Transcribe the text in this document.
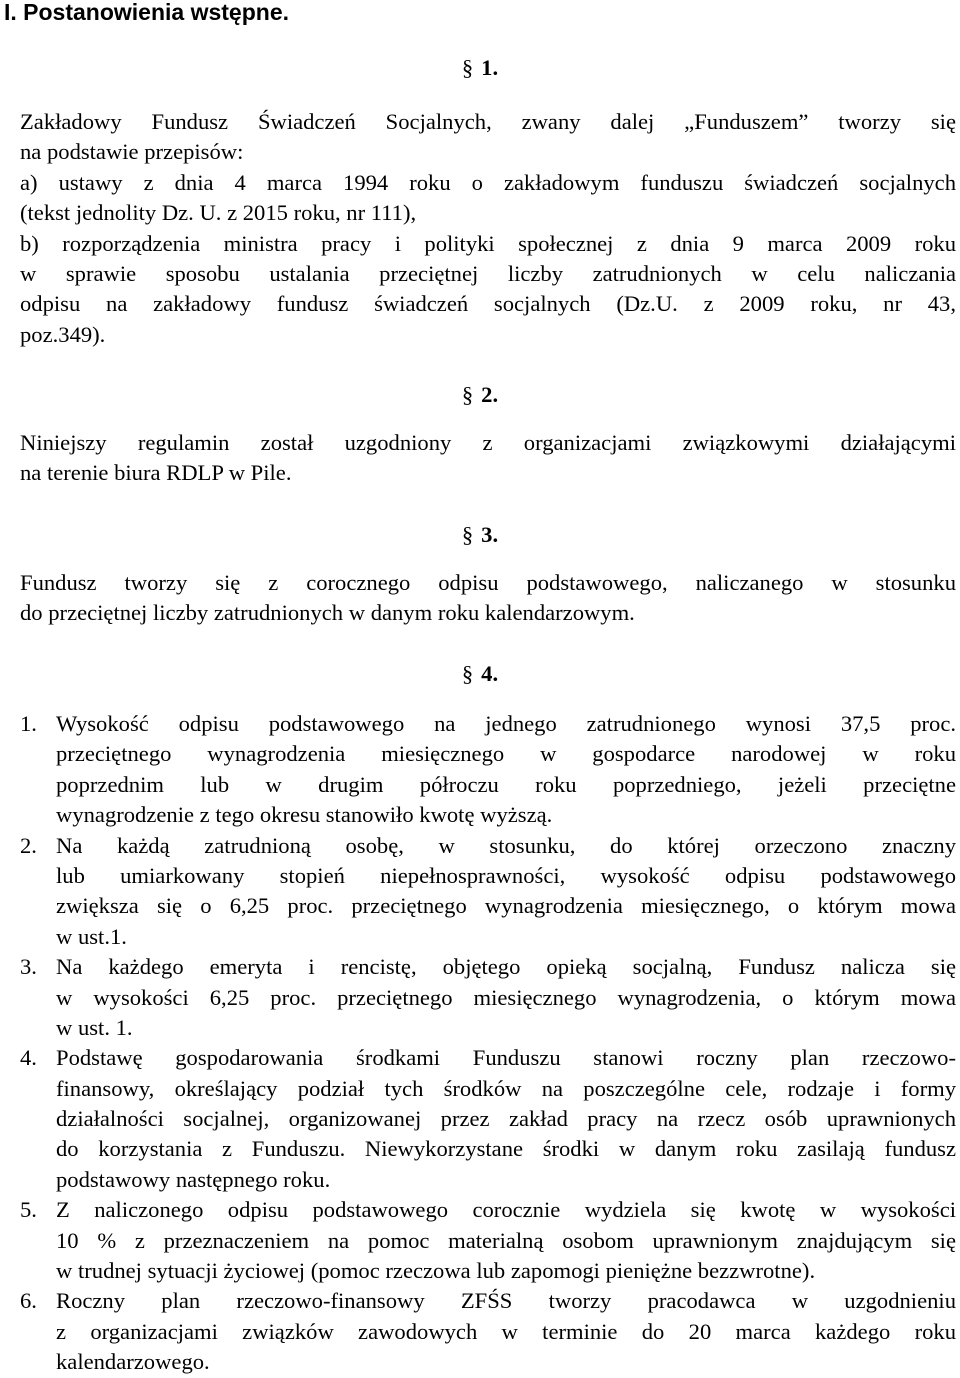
I. Postanowienia wstępne.
§ 1.
Zakładowy Fundusz Świadczeń Socjalnych, zwany dalej „Funduszem” tworzy się
na podstawie przepisów:
a) ustawy z dnia 4 marca 1994 roku o zakładowym funduszu świadczeń socjalnych
(tekst jednolity Dz. U. z 2015 roku, nr 111),
b) rozporządzenia ministra pracy i polityki społecznej z dnia 9 marca 2009 roku
w sprawie sposobu ustalania przeciętnej liczby zatrudnionych w celu naliczania
odpisu na zakładowy fundusz świadczeń socjalnych (Dz.U. z 2009 roku, nr 43,
poz.349).
§ 2.
Niniejszy regulamin został uzgodniony z organizacjami związkowymi działającymi
na terenie biura RDLP w Pile.
§ 3.
Fundusz tworzy się z corocznego odpisu podstawowego, naliczanego w stosunku
do przeciętnej liczby zatrudnionych w danym roku kalendarzowym.
§ 4.
1. Wysokość odpisu podstawowego na jednego zatrudnionego wynosi 37,5 proc.
przeciętnego wynagrodzenia miesięcznego w gospodarce narodowej w roku
poprzednim lub w drugim półroczu roku poprzedniego, jeżeli przeciętne
wynagrodzenie z tego okresu stanowiło kwotę wyższą.
2. Na każdą zatrudnioną osobę, w stosunku, do której orzeczono znaczny
lub umiarkowany stopień niepełnosprawności, wysokość odpisu podstawowego
zwiększa się o 6,25 proc. przeciętnego wynagrodzenia miesięcznego, o którym mowa
w ust.1.
3. Na każdego emeryta i rencistę, objętego opieką socjalną, Fundusz nalicza się
w wysokości 6,25 proc. przeciętnego miesięcznego wynagrodzenia, o którym mowa
w ust. 1.
4. Podstawę gospodarowania środkami Funduszu stanowi roczny plan rzeczowo-
finansowy, określający podział tych środków na poszczególne cele, rodzaje i formy
działalności socjalnej, organizowanej przez zakład pracy na rzecz osób uprawnionych
do korzystania z Funduszu. Niewykorzystane środki w danym roku zasilają fundusz
podstawowy następnego roku.
5. Z naliczonego odpisu podstawowego corocznie wydziela się kwotę w wysokości
10 % z przeznaczeniem na pomoc materialną osobom uprawnionym znajdującym się
w trudnej sytuacji życiowej (pomoc rzeczowa lub zapomogi pieniężne bezzwrotne).
6. Roczny plan rzeczowo-finansowy ZFŚS tworzy pracodawca w uzgodnieniu
z organizacjami związków zawodowych w terminie do 20 marca każdego roku
kalendarzowego.
